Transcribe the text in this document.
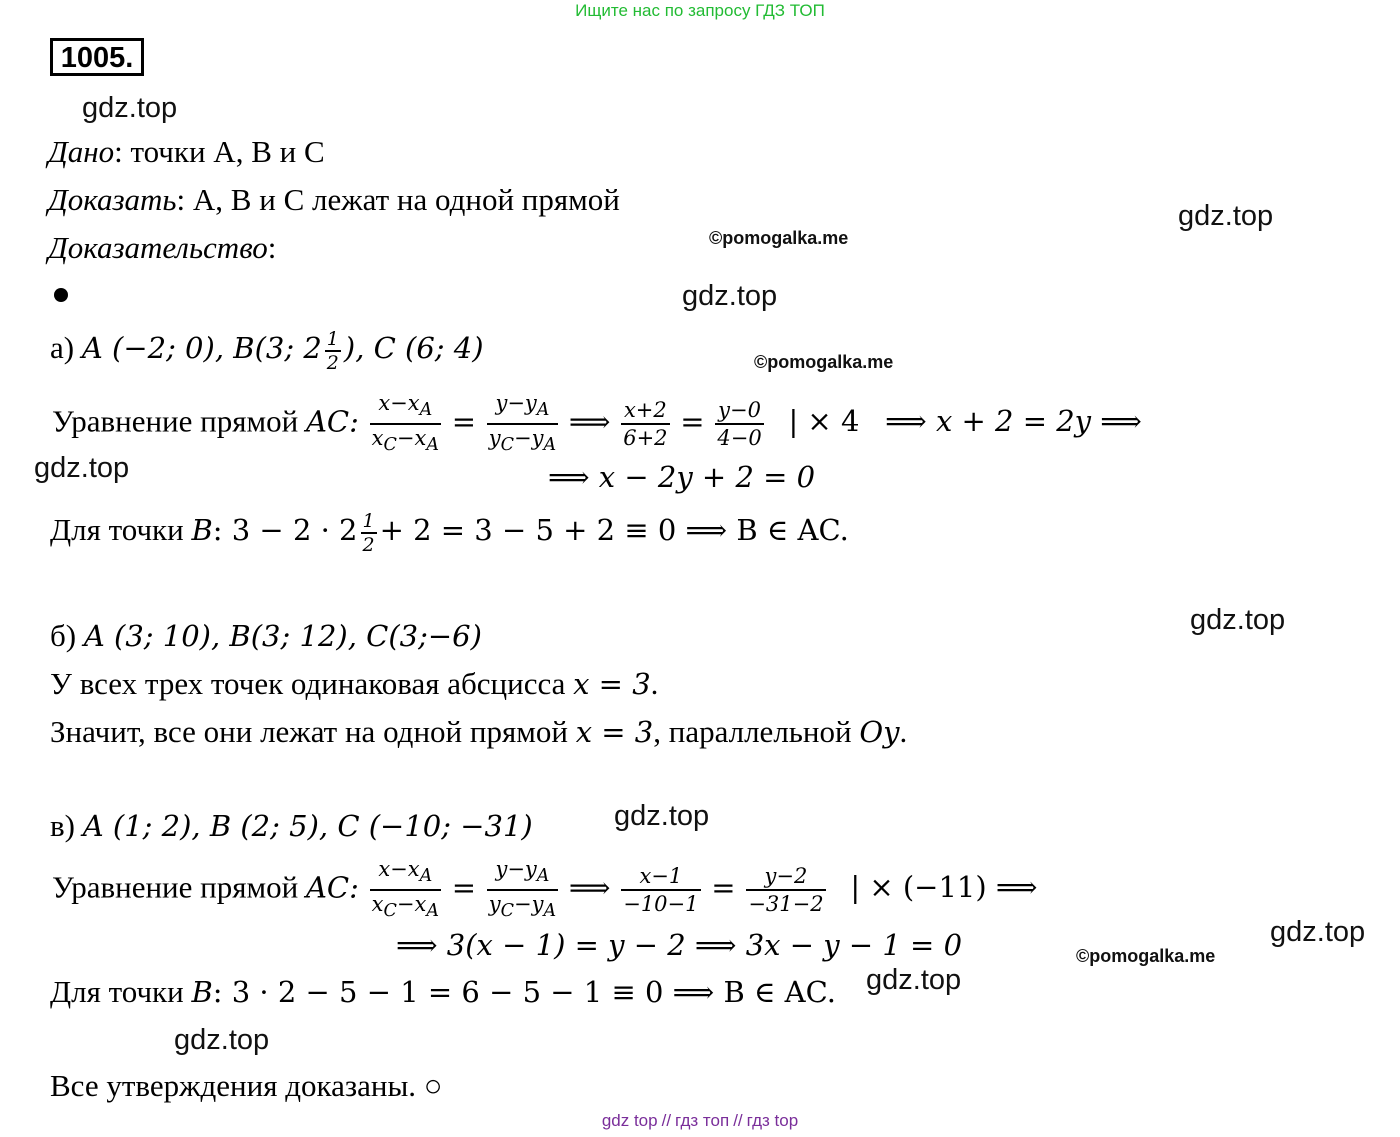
Ищите нас по запросу ГДЗ ТОП
1005.
gdz.top
gdz.top
gdz.top
gdz.top
gdz.top
gdz.top
gdz.top
gdz.top
gdz.top
©pomogalka.me
©pomogalka.me
©pomogalka.me
Дано: точки A, B и C
Доказать: A, B и C лежат на одной прямой
Доказательство:
а) A (−2; 0), B(3; $2 \frac{1}{2}$ ), C (6; 4)
Уравнение прямой AC: $\frac{x-x_A}{x_C-x_A} = \frac{y-y_A}{y_C-y_A}$ ⟹ $\frac{x+2}{6+2} = \frac{y-0}{4-0}$ | × 4 ⟹ x + 2 = 2y ⟹
⟹ x − 2y + 2 = 0
Для точки B: $3 - 2 \cdot 2 \frac{1}{2} + 2 = 3 - 5 + 2 \equiv 0$ ⟹ B ∈ AC.
б) A (3; 10), B(3; 12), C(3;−6)
У всех трех точек одинаковая абсцисса x = 3.
Значит, все они лежат на одной прямой x = 3, параллельной Oy.
в) A (1; 2), B (2; 5), C (−10; −31)
Уравнение прямой AC: $\frac{x-x_A}{x_C-x_A} = \frac{y-y_A}{y_C-y_A}$ ⟹ $\frac{x-1}{-10-1} = \frac{y-2}{-31-2}$ | × (−11) ⟹
⟹ 3(x − 1) = y − 2 ⟹ 3x − y − 1 = 0
Для точки B: 3 · 2 − 5 − 1 = 6 − 5 − 1 ≡ 0 ⟹ B ∈ AC.
Все утверждения доказаны. ○
gdz top // гдз топ // гдз top
